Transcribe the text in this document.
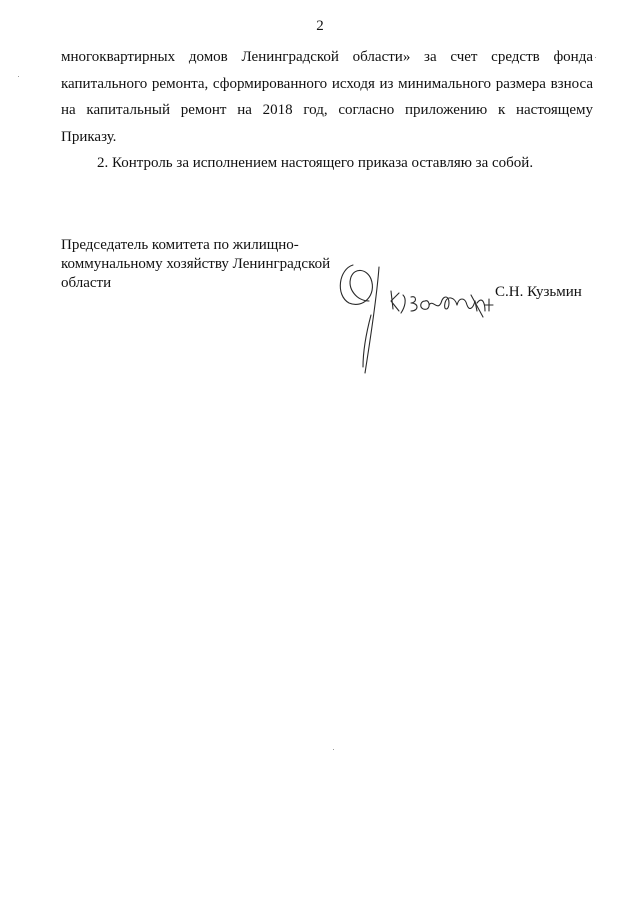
2
многоквартирных домов Ленинградской области» за счет средств фонда
капитального ремонта, сформированного исходя из минимального размера взноса
на капитальный ремонт на 2018 год, согласно приложению к настоящему
Приказу.
2. Контроль за исполнением настоящего приказа оставляю за собой.
Председатель комитета по жилищно-
коммунальному хозяйству Ленинградской
области
С.Н. Кузьмин
